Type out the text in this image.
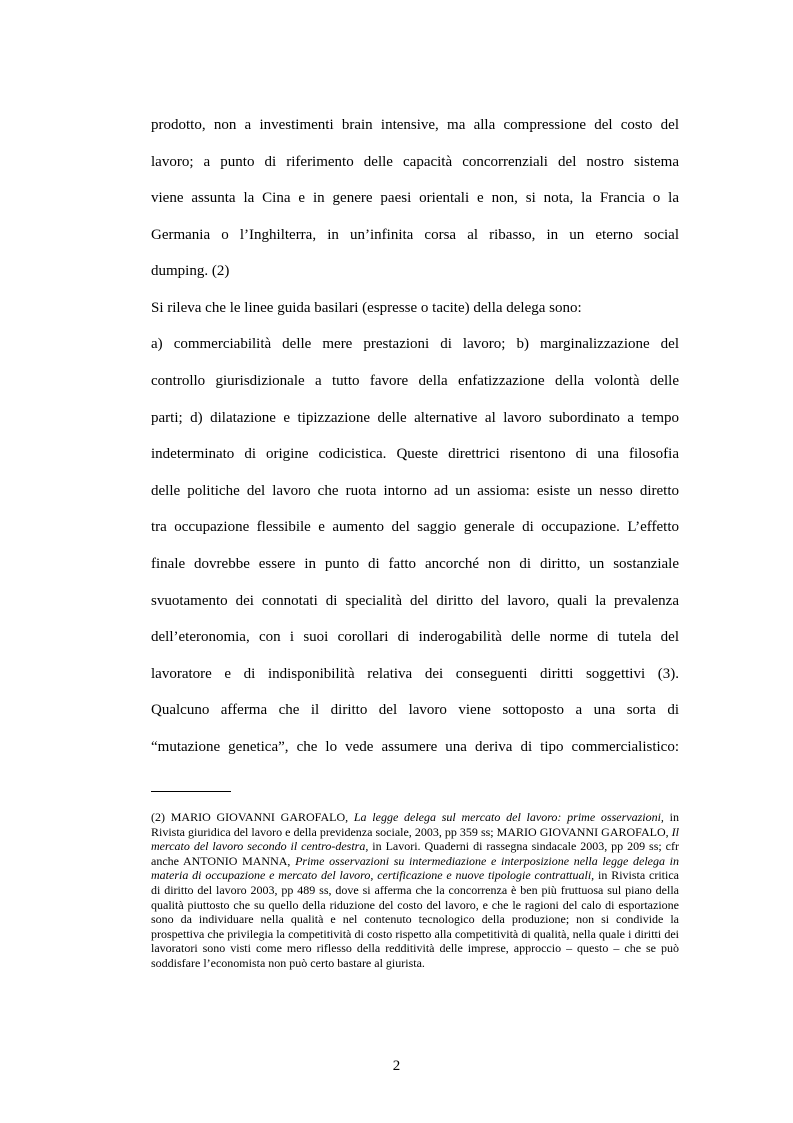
prodotto, non a investimenti brain intensive, ma alla compressione del costo del

lavoro; a punto di riferimento delle capacità concorrenziali del nostro sistema

viene assunta la Cina e in genere paesi orientali e non, si nota, la Francia o la

Germania o l’Inghilterra, in un’infinita corsa al ribasso, in un eterno social

dumping. (2)

Si rileva che le linee guida basilari (espresse o tacite) della delega sono:

a) commerciabilità delle mere prestazioni di lavoro; b) marginalizzazione del

controllo giurisdizionale a tutto favore della enfatizzazione della volontà delle

parti; d) dilatazione e tipizzazione delle alternative al lavoro subordinato a tempo

indeterminato di origine codicistica. Queste direttrici risentono di una filosofia

delle politiche del lavoro che ruota intorno ad un assioma: esiste un nesso diretto

tra occupazione flessibile e aumento del saggio generale di occupazione. L’effetto

finale dovrebbe essere in punto di fatto ancorché non di diritto, un sostanziale

svuotamento dei connotati di specialità del diritto del lavoro, quali la prevalenza

dell’eteronomia, con i suoi corollari di inderogabilità delle norme di tutela del

lavoratore e di indisponibilità relativa dei conseguenti diritti soggettivi (3).

Qualcuno afferma che il diritto del lavoro viene sottoposto a una sorta di

“mutazione genetica”, che lo vede assumere una deriva di tipo commercialistico:

(2) MARIO GIOVANNI GAROFALO, La legge delega sul mercato del lavoro: prime osservazioni, in Rivista giuridica del lavoro e della previdenza sociale, 2003, pp 359 ss; MARIO GIOVANNI GAROFALO, Il mercato del lavoro secondo il centro-destra, in Lavori. Quaderni di rassegna sindacale 2003, pp 209 ss; cfr anche ANTONIO MANNA, Prime osservazioni su intermediazione e interposizione nella legge delega in materia di occupazione e mercato del lavoro, certificazione e nuove tipologie contrattuali, in Rivista critica di diritto del lavoro 2003, pp 489 ss, dove si afferma che la concorrenza è ben più fruttuosa sul piano della qualità piuttosto che su quello della riduzione del costo del lavoro, e che le ragioni del calo di esportazione sono da individuare nella qualità e nel contenuto tecnologico della produzione; non si condivide la prospettiva che privilegia la competitività di costo rispetto alla competitività di qualità, nella quale i diritti dei lavoratori sono visti come mero riflesso della redditività delle imprese, approccio – questo – che se può soddisfare l’economista non può certo bastare al giurista.

2
